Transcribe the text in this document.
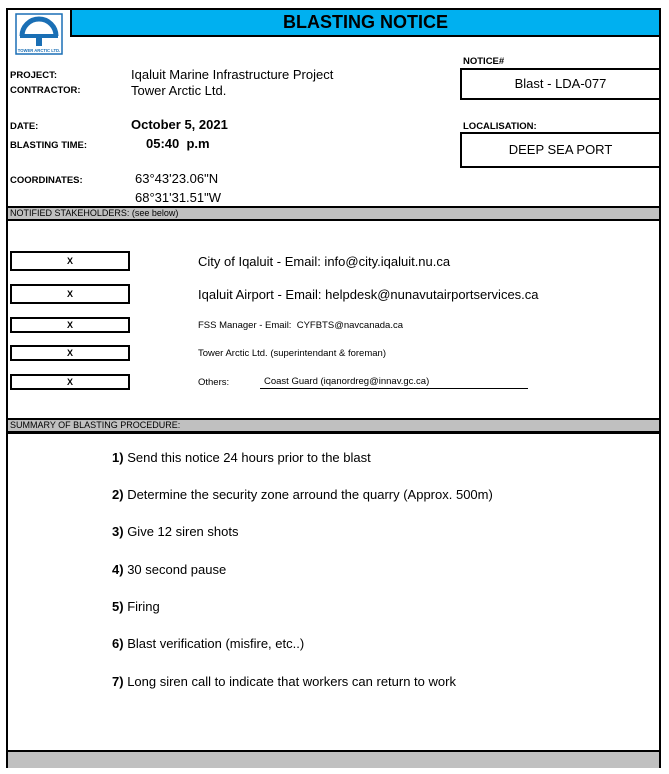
TOWER ARCTIC LTD.
BLASTING NOTICE
PROJECT:	Iqaluit Marine Infrastructure Project
CONTRACTOR:	Tower Arctic Ltd.
DATE:	October 5, 2021
BLASTING TIME:	05:40  p.m
COORDINATES:	63°43'23.06"N
68°31'31.51"W
NOTICE#
Blast - LDA-077
LOCALISATION:
DEEP SEA PORT
NOTIFIED STAKEHOLDERS: (see below)
X	City of Iqaluit - Email: info@city.iqaluit.nu.ca
X	Iqaluit Airport - Email: helpdesk@nunavutairportservices.ca
X	FSS Manager - Email:  CYFBTS@navcanada.ca
X	Tower Arctic Ltd. (superintendant & foreman)
X	Others:	Coast Guard (iqanordreg@innav.gc.ca)
SUMMARY OF BLASTING PROCEDURE:
1) Send this notice 24 hours prior to the blast
2) Determine the security zone arround the quarry (Approx. 500m)
3) Give 12 siren shots
4) 30 second pause
5) Firing
6) Blast verification (misfire, etc..)
7) Long siren call to indicate that workers can return to work
